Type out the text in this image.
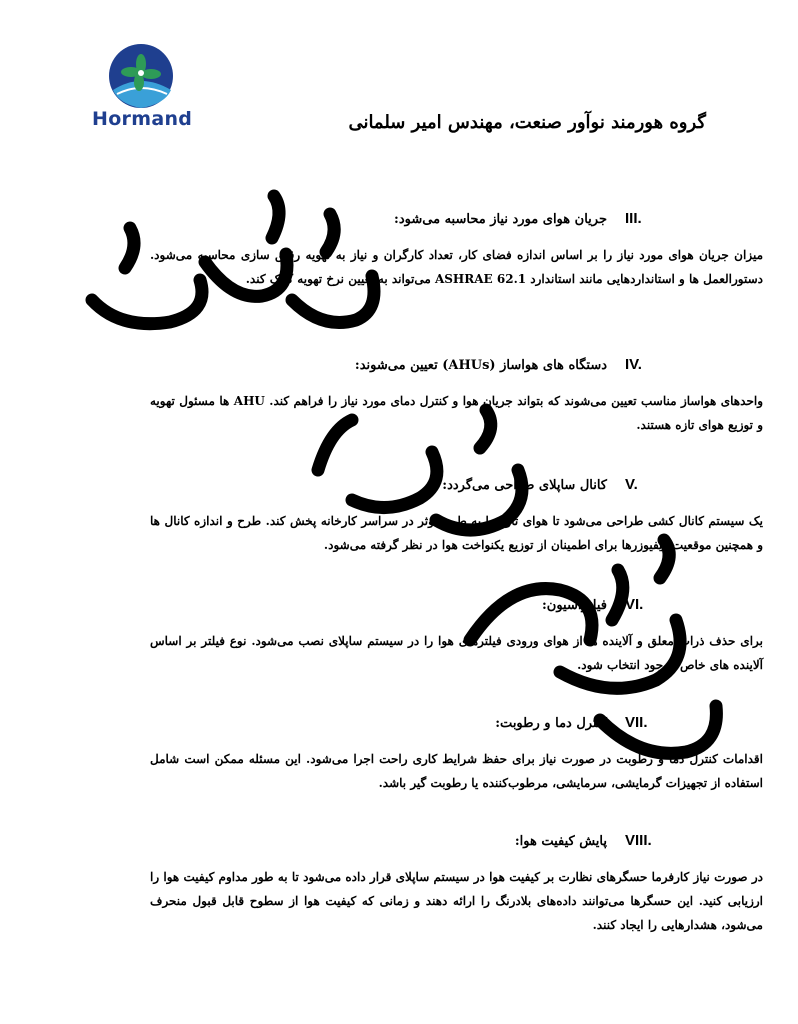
Hormand	گروه هورمند نوآور صنعت، مهندس امیر سلمانی
III.
جریان هوای مورد نیاز محاسبه می‌شود:
میزان جریان هوای مورد نیاز را بر اساس اندازه فضای کار، تعداد کارگران و نیاز به تهویه رقیق سازی محاسبه می‌شود. دستورالعمل ها و استانداردهایی مانند استاندارد ASHRAE 62.1 می‌تواند به تعیین نرخ تهویه کمک کند.
IV.
دستگاه های هواساز (AHUs) تعیین می‌شوند:
واحدهای هواساز مناسب تعیین می‌شوند که بتواند جریان هوا و کنترل دمای مورد نیاز را فراهم کند. AHU ها مسئول تهویه و توزیع هوای تازه هستند.
V.
کانال ساپلای طراحی می‌گردد:
یک سیستم کانال کشی طراحی می‌شود تا هوای تازه را به طور موثر در سراسر کارخانه پخش کند. طرح و اندازه کانال ها و همچنین موقعیت دیفیوزرها برای اطمینان از توزیع یکنواخت هوا در نظر گرفته می‌شود.
VI.
فیلتراسیون:
برای حذف ذرات معلق و آلاینده ها از هوای ورودی فیلترهای هوا را در سیستم ساپلای نصب می‌شود. نوع فیلتر بر اساس آلاینده های خاص موجود انتخاب شود.
VII.
کنترل دما و رطوبت:
اقدامات کنترل دما و رطوبت در صورت نیاز برای حفظ شرایط کاری راحت اجرا می‌شود. این مسئله ممکن است شامل استفاده از تجهیزات گرمایشی، سرمایشی، مرطوب‌کننده یا رطوبت گیر باشد.
VIII.
پایش کیفیت هوا:
در صورت نیاز کارفرما حسگرهای نظارت بر کیفیت هوا در سیستم ساپلای قرار داده می‌شود تا به طور مداوم کیفیت هوا را ارزیابی کنید. این حسگرها می‌توانند داده‌های بلادرنگ را ارائه دهند و زمانی که کیفیت هوا از سطوح قابل قبول منحرف می‌شود، هشدارهایی را ایجاد کنند.
